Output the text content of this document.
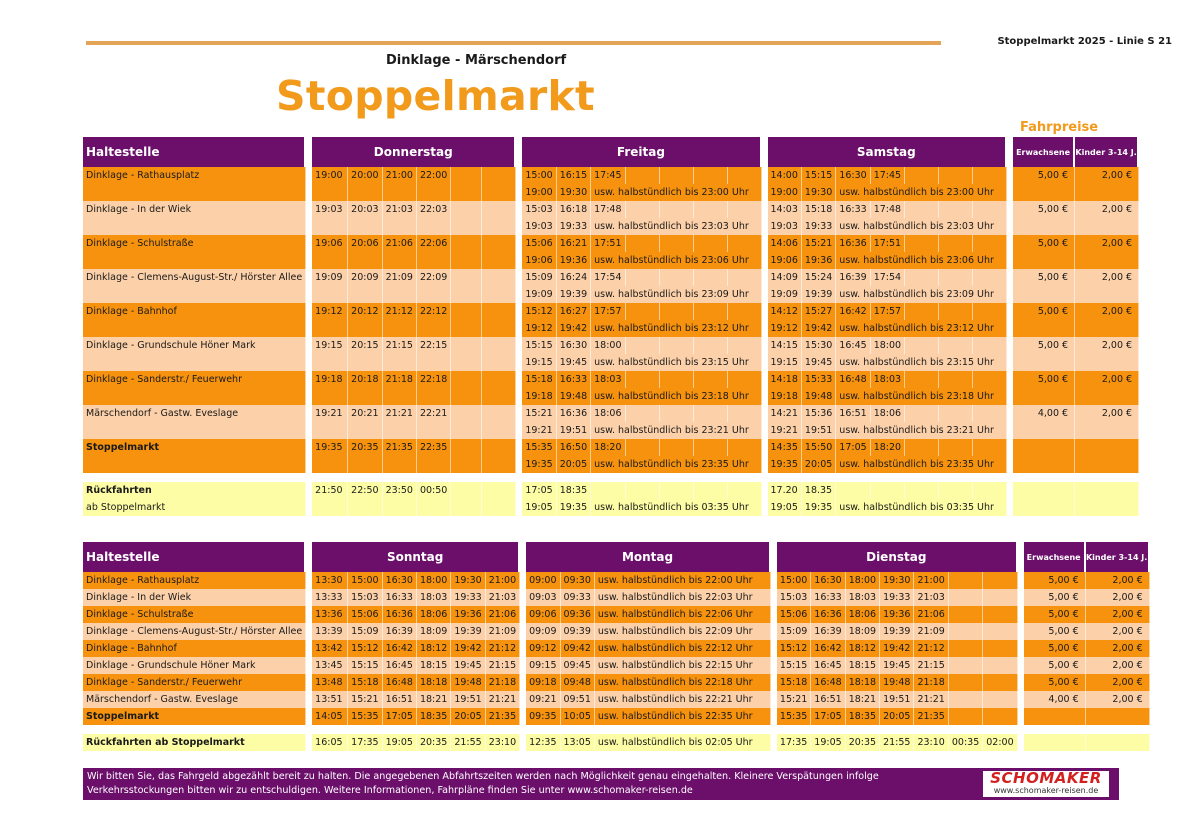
Stoppelmarkt 2025 - Linie S 21
Dinklage - Märschendorf
Stoppelmarkt
Fahrpreise
Haltestelle		Donnerstag							Freitag								Samstag								Erwachsene	Kinder 3-14 J.
Dinklage - Rathausplatz		19:00	20:00	21:00	22:00				15:00	16:15	17:45						14:00	15:15	16:30	17:45					5,00 €	2,00 €
									19:00	19:30	usw. halbstündlich bis 23:00 Uhr						19:00	19:30	usw. halbstündlich bis 23:00 Uhr							
Dinklage - In der Wiek		19:03	20:03	21:03	22:03				15:03	16:18	17:48						14:03	15:18	16:33	17:48					5,00 €	2,00 €
									19:03	19:33	usw. halbstündlich bis 23:03 Uhr						19:03	19:33	usw. halbstündlich bis 23:03 Uhr							
Dinklage - Schulstraße		19:06	20:06	21:06	22:06				15:06	16:21	17:51						14:06	15:21	16:36	17:51					5,00 €	2,00 €
									19:06	19:36	usw. halbstündlich bis 23:06 Uhr						19:06	19:36	usw. halbstündlich bis 23:06 Uhr							
Dinklage - Clemens-August-Str./ Hörster Allee		19:09	20:09	21:09	22:09				15:09	16:24	17:54						14:09	15:24	16:39	17:54					5,00 €	2,00 €
									19:09	19:39	usw. halbstündlich bis 23:09 Uhr						19:09	19:39	usw. halbstündlich bis 23:09 Uhr							
Dinklage - Bahnhof		19:12	20:12	21:12	22:12				15:12	16:27	17:57						14:12	15:27	16:42	17:57					5,00 €	2,00 €
									19:12	19:42	usw. halbstündlich bis 23:12 Uhr						19:12	19:42	usw. halbstündlich bis 23:12 Uhr							
Dinklage - Grundschule Höner Mark		19:15	20:15	21:15	22:15				15:15	16:30	18:00						14:15	15:30	16:45	18:00					5,00 €	2,00 €
									19:15	19:45	usw. halbstündlich bis 23:15 Uhr						19:15	19:45	usw. halbstündlich bis 23:15 Uhr							
Dinklage - Sanderstr./ Feuerwehr		19:18	20:18	21:18	22:18				15:18	16:33	18:03						14:18	15:33	16:48	18:03					5,00 €	2,00 €
									19:18	19:48	usw. halbstündlich bis 23:18 Uhr						19:18	19:48	usw. halbstündlich bis 23:18 Uhr							
Märschendorf - Gastw. Eveslage		19:21	20:21	21:21	22:21				15:21	16:36	18:06						14:21	15:36	16:51	18:06					4,00 €	2,00 €
									19:21	19:51	usw. halbstündlich bis 23:21 Uhr						19:21	19:51	usw. halbstündlich bis 23:21 Uhr							
Stoppelmarkt		19:35	20:35	21:35	22:35				15:35	16:50	18:20						14:35	15:50	17:05	18:20						
									19:35	20:05	usw. halbstündlich bis 23:35 Uhr						19:35	20:05	usw. halbstündlich bis 23:35 Uhr							

Rückfahrten		21:50	22:50	23:50	00:50				17:05	18:35							17.20	18.35								
ab Stoppelmarkt									19:05	19:35	usw. halbstündlich bis 03:35 Uhr						19:05	19:35	usw. halbstündlich bis 03:35 Uhr							
Haltestelle		Sonntag							Montag				Dienstag								Erwachsene	Kinder 3-14 J.
Dinklage - Rathausplatz		13:30	15:00	16:30	18:00	19:30	21:00		09:00	09:30	usw. halbstündlich bis 22:00 Uhr		15:00	16:30	18:00	19:30	21:00				5,00 €	2,00 €
Dinklage - In der Wiek		13:33	15:03	16:33	18:03	19:33	21:03		09:03	09:33	usw. halbstündlich bis 22:03 Uhr		15:03	16:33	18:03	19:33	21:03				5,00 €	2,00 €
Dinklage - Schulstraße		13:36	15:06	16:36	18:06	19:36	21:06		09:06	09:36	usw. halbstündlich bis 22:06 Uhr		15:06	16:36	18:06	19:36	21:06				5,00 €	2,00 €
Dinklage - Clemens-August-Str./ Hörster Allee		13:39	15:09	16:39	18:09	19:39	21:09		09:09	09:39	usw. halbstündlich bis 22:09 Uhr		15:09	16:39	18:09	19:39	21:09				5,00 €	2,00 €
Dinklage - Bahnhof		13:42	15:12	16:42	18:12	19:42	21:12		09:12	09:42	usw. halbstündlich bis 22:12 Uhr		15:12	16:42	18:12	19:42	21:12				5,00 €	2,00 €
Dinklage - Grundschule Höner Mark		13:45	15:15	16:45	18:15	19:45	21:15		09:15	09:45	usw. halbstündlich bis 22:15 Uhr		15:15	16:45	18:15	19:45	21:15				5,00 €	2,00 €
Dinklage - Sanderstr./ Feuerwehr		13:48	15:18	16:48	18:18	19:48	21:18		09:18	09:48	usw. halbstündlich bis 22:18 Uhr		15:18	16:48	18:18	19:48	21:18				5,00 €	2,00 €
Märschendorf - Gastw. Eveslage		13:51	15:21	16:51	18:21	19:51	21:21		09:21	09:51	usw. halbstündlich bis 22:21 Uhr		15:21	16:51	18:21	19:51	21:21				4,00 €	2,00 €
Stoppelmarkt		14:05	15:35	17:05	18:35	20:05	21:35		09:35	10:05	usw. halbstündlich bis 22:35 Uhr		15:35	17:05	18:35	20:05	21:35					

Rückfahrten ab Stoppelmarkt		16:05	17:35	19:05	20:35	21:55	23:10		12:35	13:05	usw. halbstündlich bis 02:05 Uhr		17:35	19:05	20:35	21:55	23:10	00:35	02:00			
Wir bitten Sie, das Fahrgeld abgezählt bereit zu halten. Die angegebenen Abfahrtszeiten werden nach Möglichkeit genau eingehalten. Kleinere Verspätungen infolge Verkehrsstockungen bitten wir zu entschuldigen. Weitere Informationen, Fahrpläne finden Sie unter www.schomaker-reisen.de
SCHOMAKER
www.schomaker-reisen.de
